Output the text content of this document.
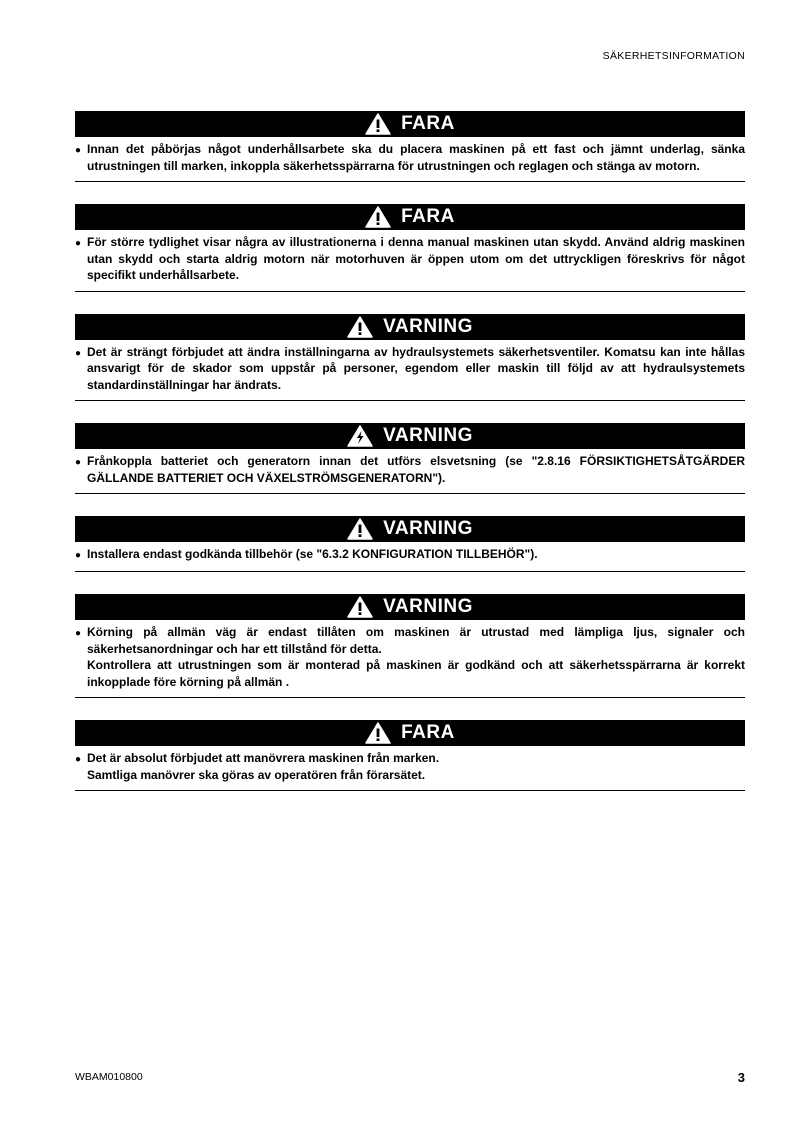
SÄKERHETSINFORMATION
FARA
● Innan det påbörjas något underhållsarbete ska du placera maskinen på ett fast och jämnt underlag, sänka utrustningen till marken, inkoppla säkerhetsspärrarna för utrustningen och reglagen och stänga av motorn.

FARA
● För större tydlighet visar några av illustrationerna i denna manual maskinen utan skydd. Använd aldrig maskinen utan skydd och starta aldrig motorn när motorhuven är öppen utom om det uttryckligen föreskrivs för något specifikt underhållsarbete.

VARNING
● Det är strängt förbjudet att ändra inställningarna av hydraulsystemets säkerhetsventiler. Komatsu kan inte hållas ansvarigt för de skador som uppstår på personer, egendom eller maskin till följd av att hydraulsystemets standardinställningar har ändrats.

VARNING
● Frånkoppla batteriet och generatorn innan det utförs elsvetsning (se "2.8.16 FÖRSIKTIGHETSÅTGÄRDER GÄLLANDE BATTERIET OCH VÄXELSTRÖMSGENERATORN").

VARNING
● Installera endast godkända tillbehör (se "6.3.2 KONFIGURATION TILLBEHÖR").

VARNING
● Körning på allmän väg är endast tillåten om maskinen är utrustad med lämpliga ljus, signaler och säkerhetsanordningar och har ett tillstånd för detta.

Kontrollera att utrustningen som är monterad på maskinen är godkänd och att säkerhetsspärrarna är korrekt inkopplade före körning på allmän .

FARA
● Det är absolut förbjudet att manövrera maskinen från marken.

Samtliga manövrer ska göras av operatören från förarsätet.

WBAM010800	3
